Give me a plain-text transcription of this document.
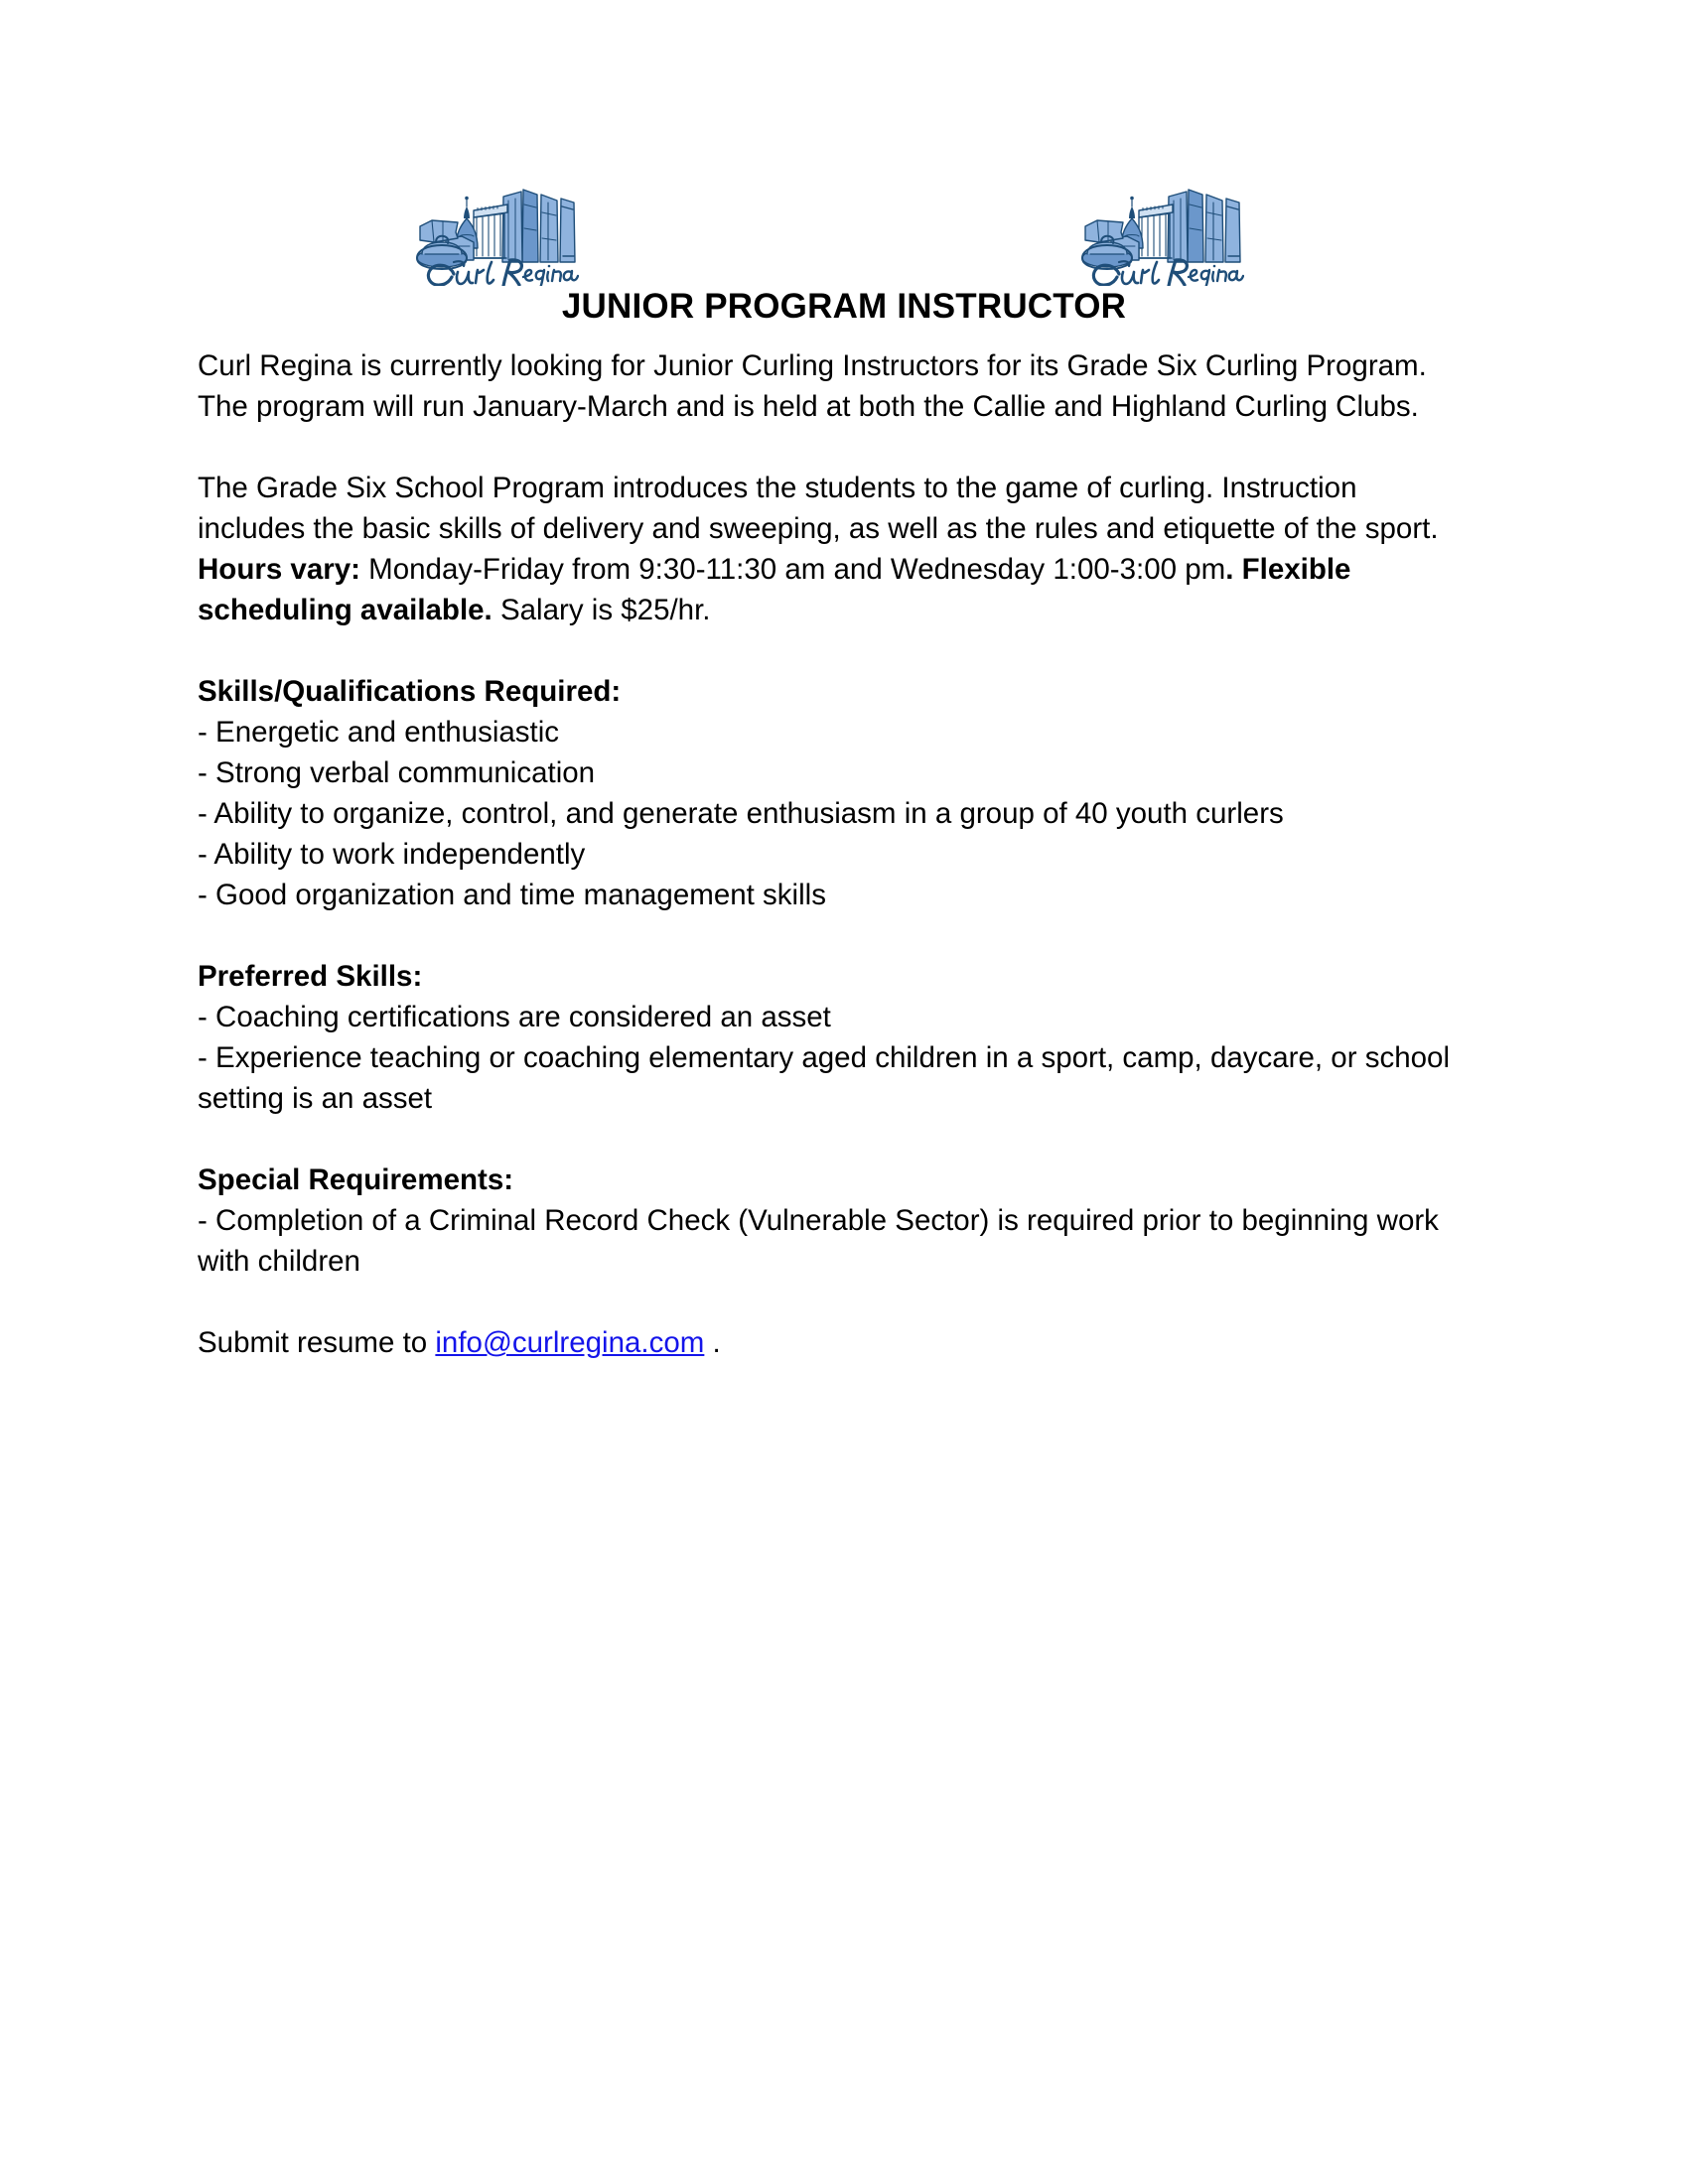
JUNIOR PROGRAM INSTRUCTOR

Curl Regina is currently looking for Junior Curling Instructors for its Grade Six Curling Program.
The program will run January-March and is held at both the Callie and Highland Curling Clubs.

The Grade Six School Program introduces the students to the game of curling. Instruction
includes the basic skills of delivery and sweeping, as well as the rules and etiquette of the sport.
Hours vary: Monday-Friday from 9:30-11:30 am and Wednesday 1:00-3:00 pm. Flexible scheduling available. Salary is $25/hr.

Skills/Qualifications Required:
- Energetic and enthusiastic
- Strong verbal communication
- Ability to organize, control, and generate enthusiasm in a group of 40 youth curlers
- Ability to work independently
- Good organization and time management skills

Preferred Skills:
- Coaching certifications are considered an asset
- Experience teaching or coaching elementary aged children in a sport, camp, daycare, or school setting is an asset

Special Requirements:
- Completion of a Criminal Record Check (Vulnerable Sector) is required prior to beginning work with children

Submit resume to info@curlregina.com .
